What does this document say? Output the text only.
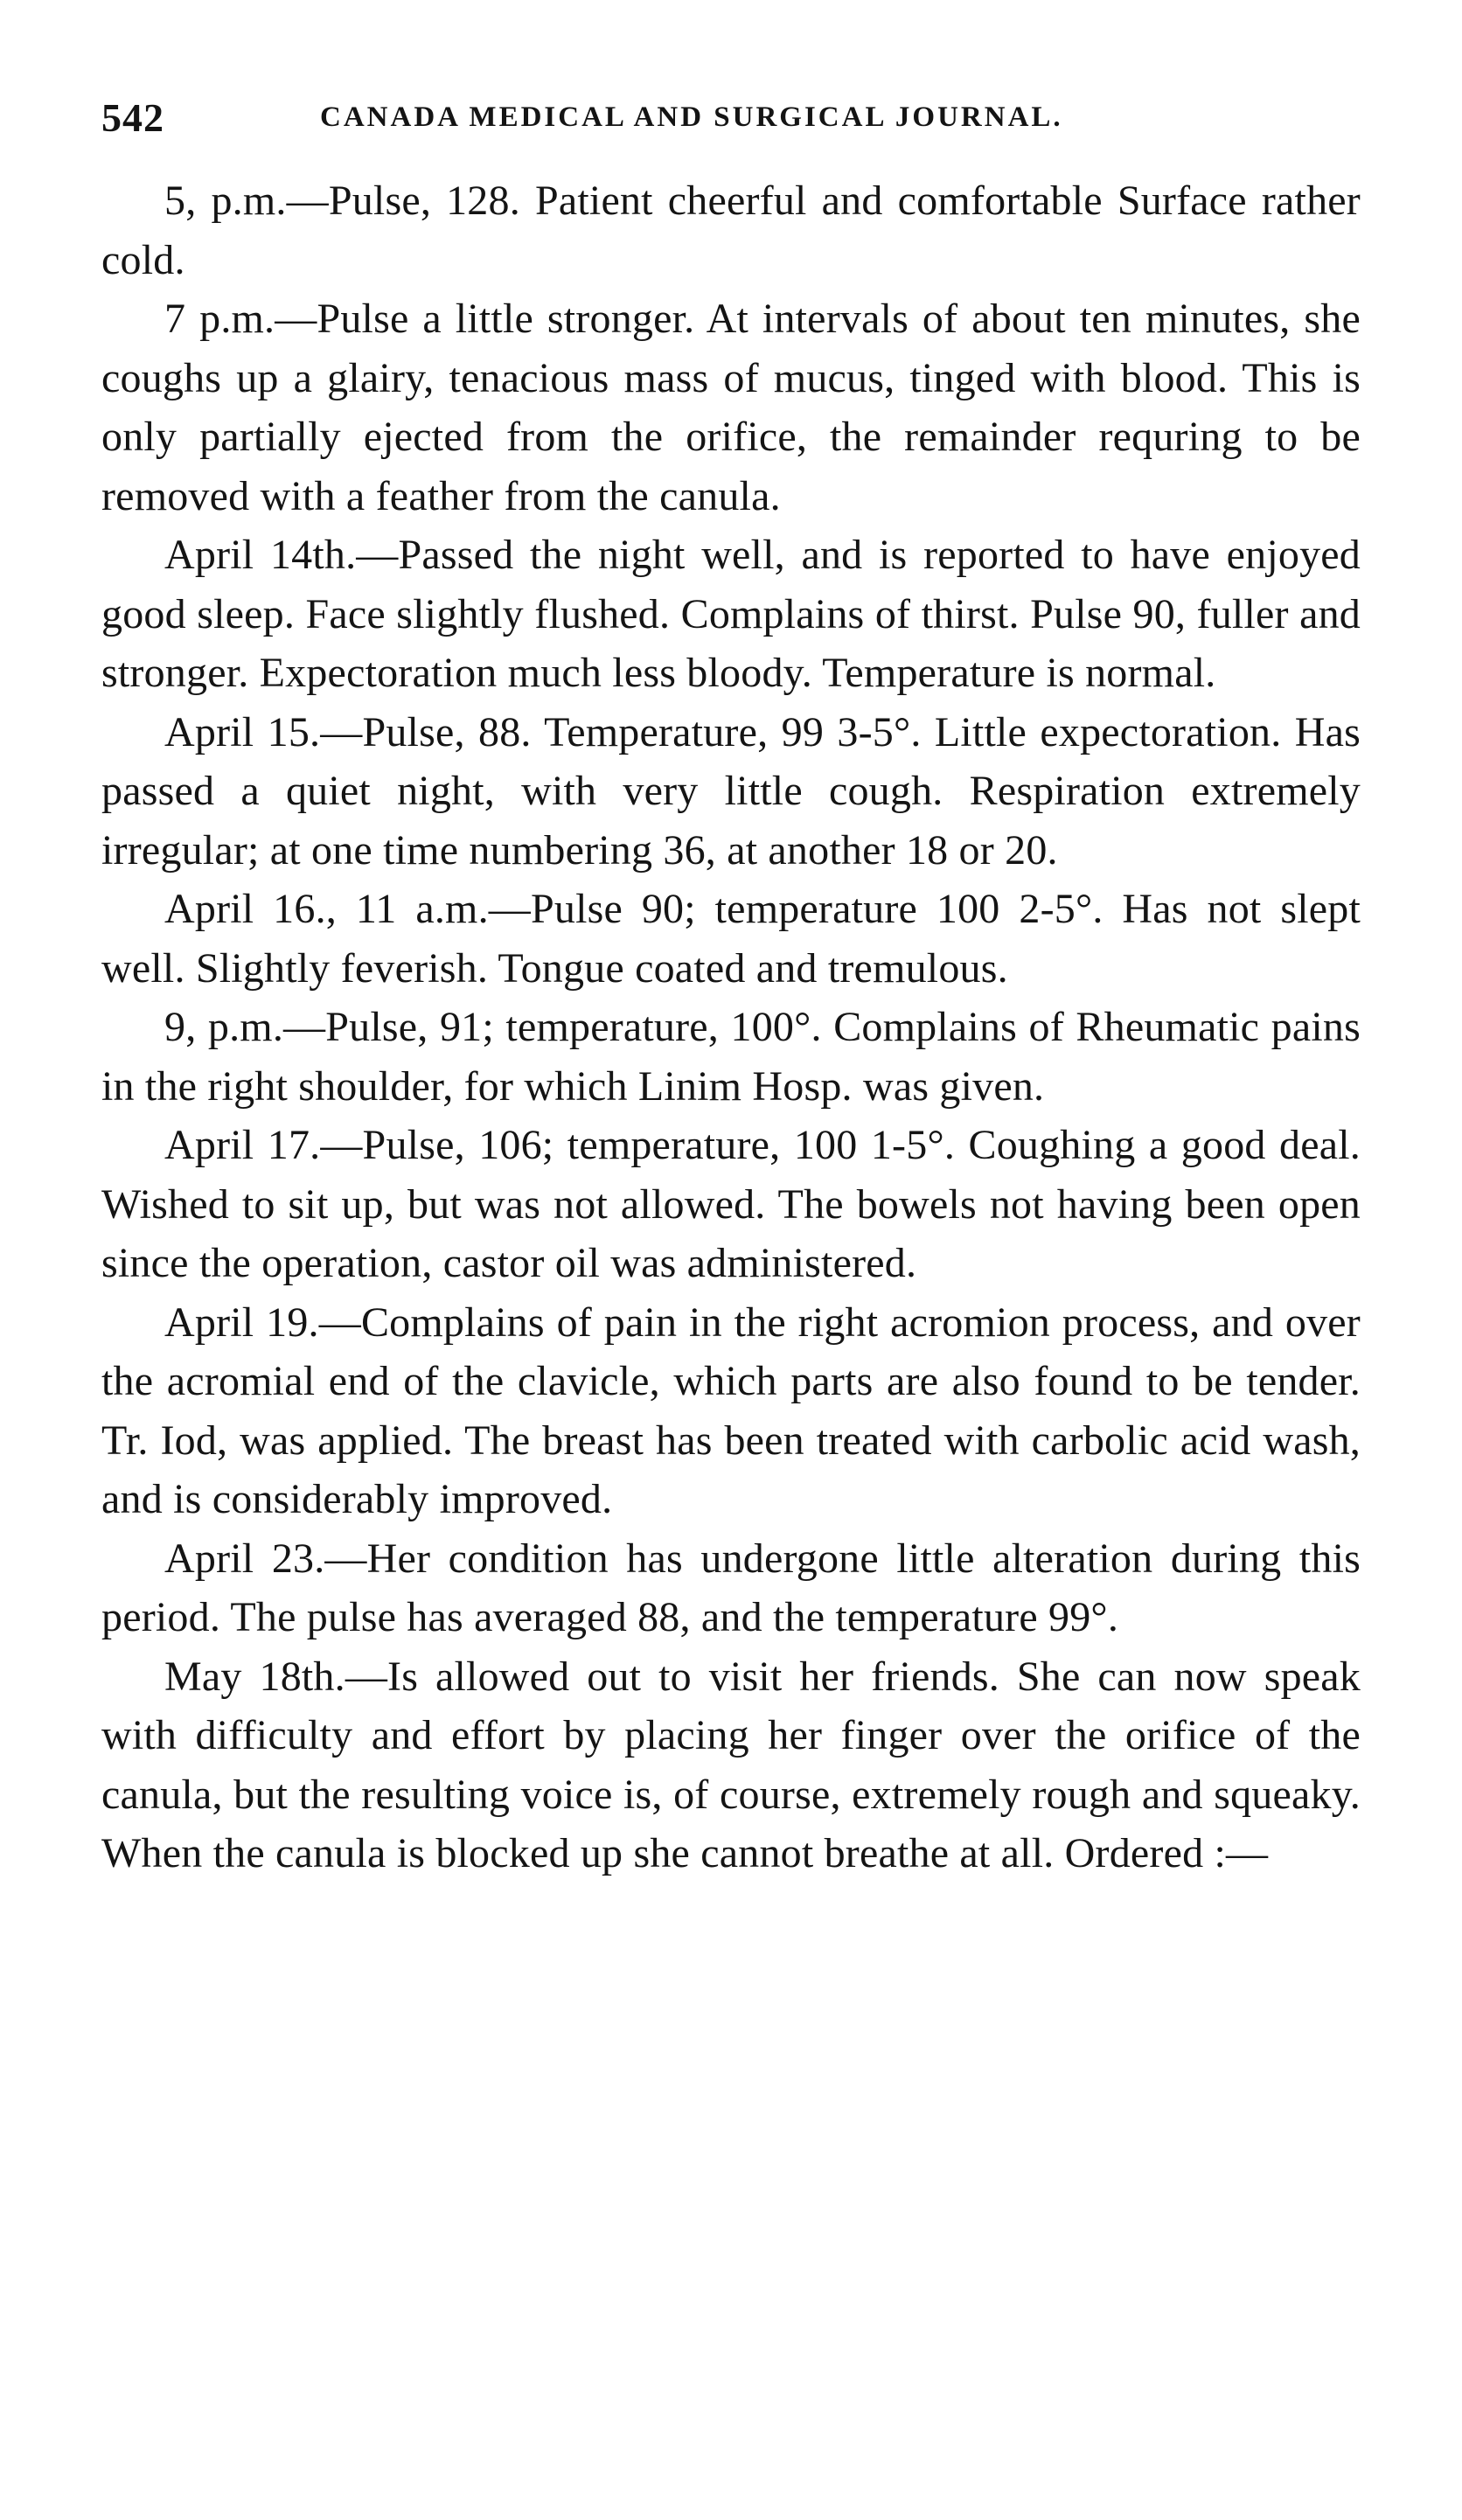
542	CANADA MEDICAL AND SURGICAL JOURNAL.

5, p.m.—Pulse, 128. Patient cheerful and comfortable Surface rather cold.

7 p.m.—Pulse a little stronger. At intervals of about ten minutes, she coughs up a glairy, tenacious mass of mucus, tinged with blood. This is only partially ejected from the orifice, the remainder requring to be removed with a feather from the canula.

April 14th.—Passed the night well, and is reported to have enjoyed good sleep. Face slightly flushed. Complains of thirst. Pulse 90, fuller and stronger. Expectoration much less bloody. Temperature is normal.

April 15.—Pulse, 88. Temperature, 99 3-5°. Little expectoration. Has passed a quiet night, with very little cough. Respiration extremely irregular; at one time numbering 36, at another 18 or 20.

April 16., 11 a.m.—Pulse 90; temperature 100 2-5°. Has not slept well. Slightly feverish. Tongue coated and tremulous.

9, p.m.—Pulse, 91; temperature, 100°. Complains of Rheumatic pains in the right shoulder, for which Linim Hosp. was given.

April 17.—Pulse, 106; temperature, 100 1-5°. Coughing a good deal. Wished to sit up, but was not allowed. The bowels not having been open since the operation, castor oil was administered.

April 19.—Complains of pain in the right acromion process, and over the acromial end of the clavicle, which parts are also found to be tender. Tr. Iod, was applied. The breast has been treated with carbolic acid wash, and is considerably improved.

April 23.—Her condition has undergone little alteration during this period. The pulse has averaged 88, and the temperature 99°.

May 18th.—Is allowed out to visit her friends. She can now speak with difficulty and effort by placing her finger over the orifice of the canula, but the resulting voice is, of course, extremely rough and squeaky. When the canula is blocked up she cannot breathe at all. Ordered :—
